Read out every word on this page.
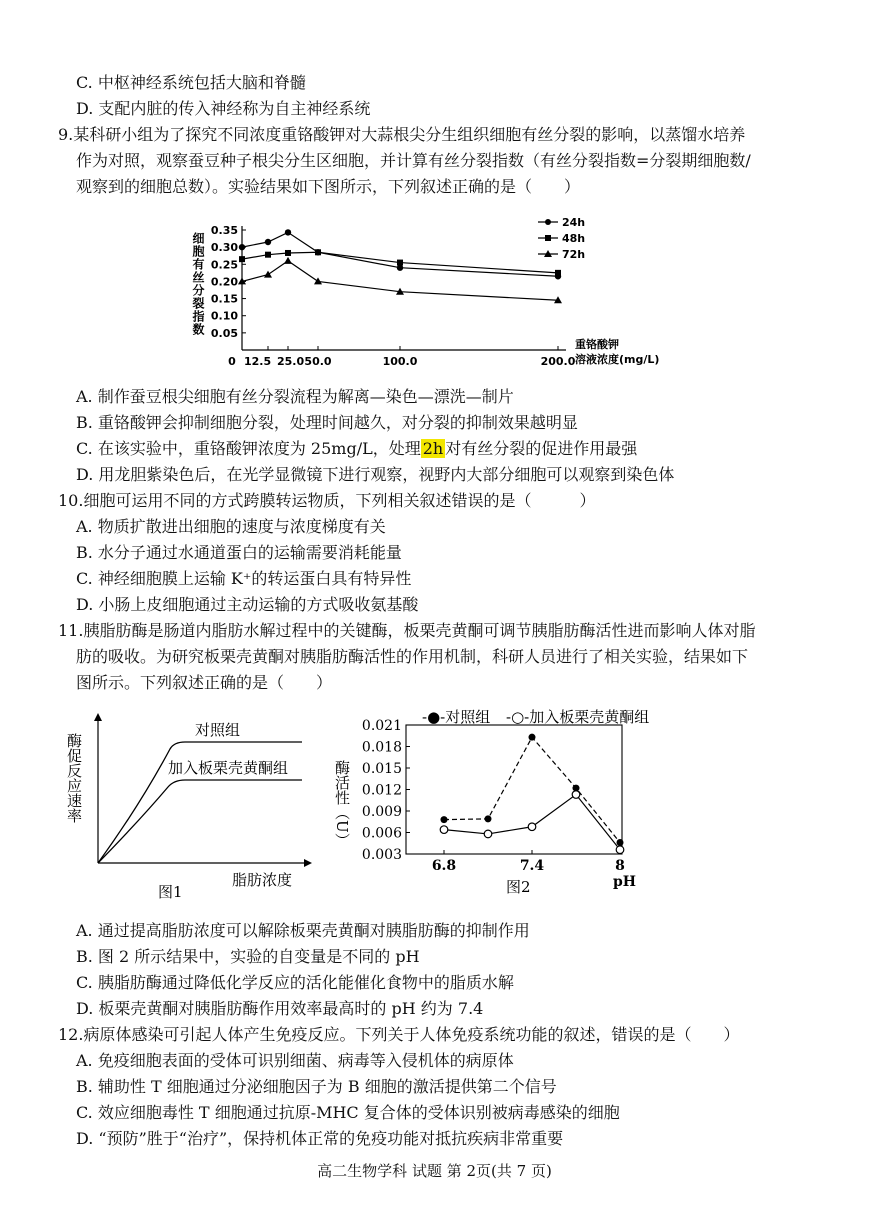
C. 中枢神经系统包括大脑和脊髓
D. 支配内脏的传入神经称为自主神经系统
9.某科研小组为了探究不同浓度重铬酸钾对大蒜根尖分生组织细胞有丝分裂的影响，以蒸馏水培养
作为对照，观察蚕豆种子根尖分生区细胞，并计算有丝分裂指数（有丝分裂指数=分裂期细胞数/
观察到的细胞总数）。实验结果如下图所示，下列叙述正确的是（　　）
0.35
0.30
0.25
0.20
0.15
0.10
0.05
0 12.5 25.0 50.0	100.0	200.0
重铬酸钾
溶液浓度(mg/L)
细胞有丝分裂指数
24h
48h
72h
A. 制作蚕豆根尖细胞有丝分裂流程为解离—染色—漂洗—制片
B. 重铬酸钾会抑制细胞分裂，处理时间越久，对分裂的抑制效果越明显
C. 在该实验中，重铬酸钾浓度为 25mg/L，处理 2h 对有丝分裂的促进作用最强
D. 用龙胆紫染色后，在光学显微镜下进行观察，视野内大部分细胞可以观察到染色体
10.细胞可运用不同的方式跨膜转运物质，下列相关叙述错误的是（　　　）
A. 物质扩散进出细胞的速度与浓度梯度有关
B. 水分子通过水通道蛋白的运输需要消耗能量
C. 神经细胞膜上运输 K⁺的转运蛋白具有特异性
D. 小肠上皮细胞通过主动运输的方式吸收氨基酸
11.胰脂肪酶是肠道内脂肪水解过程中的关键酶，板栗壳黄酮可调节胰脂肪酶活性进而影响人体对脂
肪的吸收。为研究板栗壳黄酮对胰脂肪酶活性的作用机制，科研人员进行了相关实验，结果如下
图所示。下列叙述正确的是（　　）
对照组
加入板栗壳黄酮组
酶促反应速率
脂肪浓度
图1
0.021
0.018
0.015
0.012
0.009
0.006
0.003
6.8	7.4	8
pH
酶活性（U）
图2
-●-对照组 -○-加入板栗壳黄酮组
A. 通过提高脂肪浓度可以解除板栗壳黄酮对胰脂肪酶的抑制作用
B. 图 2 所示结果中，实验的自变量是不同的 pH
C. 胰脂肪酶通过降低化学反应的活化能催化食物中的脂质水解
D. 板栗壳黄酮对胰脂肪酶作用效率最高时的 pH 约为 7.4
12.病原体感染可引起人体产生免疫反应。下列关于人体免疫系统功能的叙述，错误的是（　　）
A. 免疫细胞表面的受体可识别细菌、病毒等入侵机体的病原体
B. 辅助性 T 细胞通过分泌细胞因子为 B 细胞的激活提供第二个信号
C. 效应细胞毒性 T 细胞通过抗原-MHC 复合体的受体识别被病毒感染的细胞
D. “预防”胜于“治疗”，保持机体正常的免疫功能对抵抗疾病非常重要
高二生物学科 试题 第 2页(共 7 页)
